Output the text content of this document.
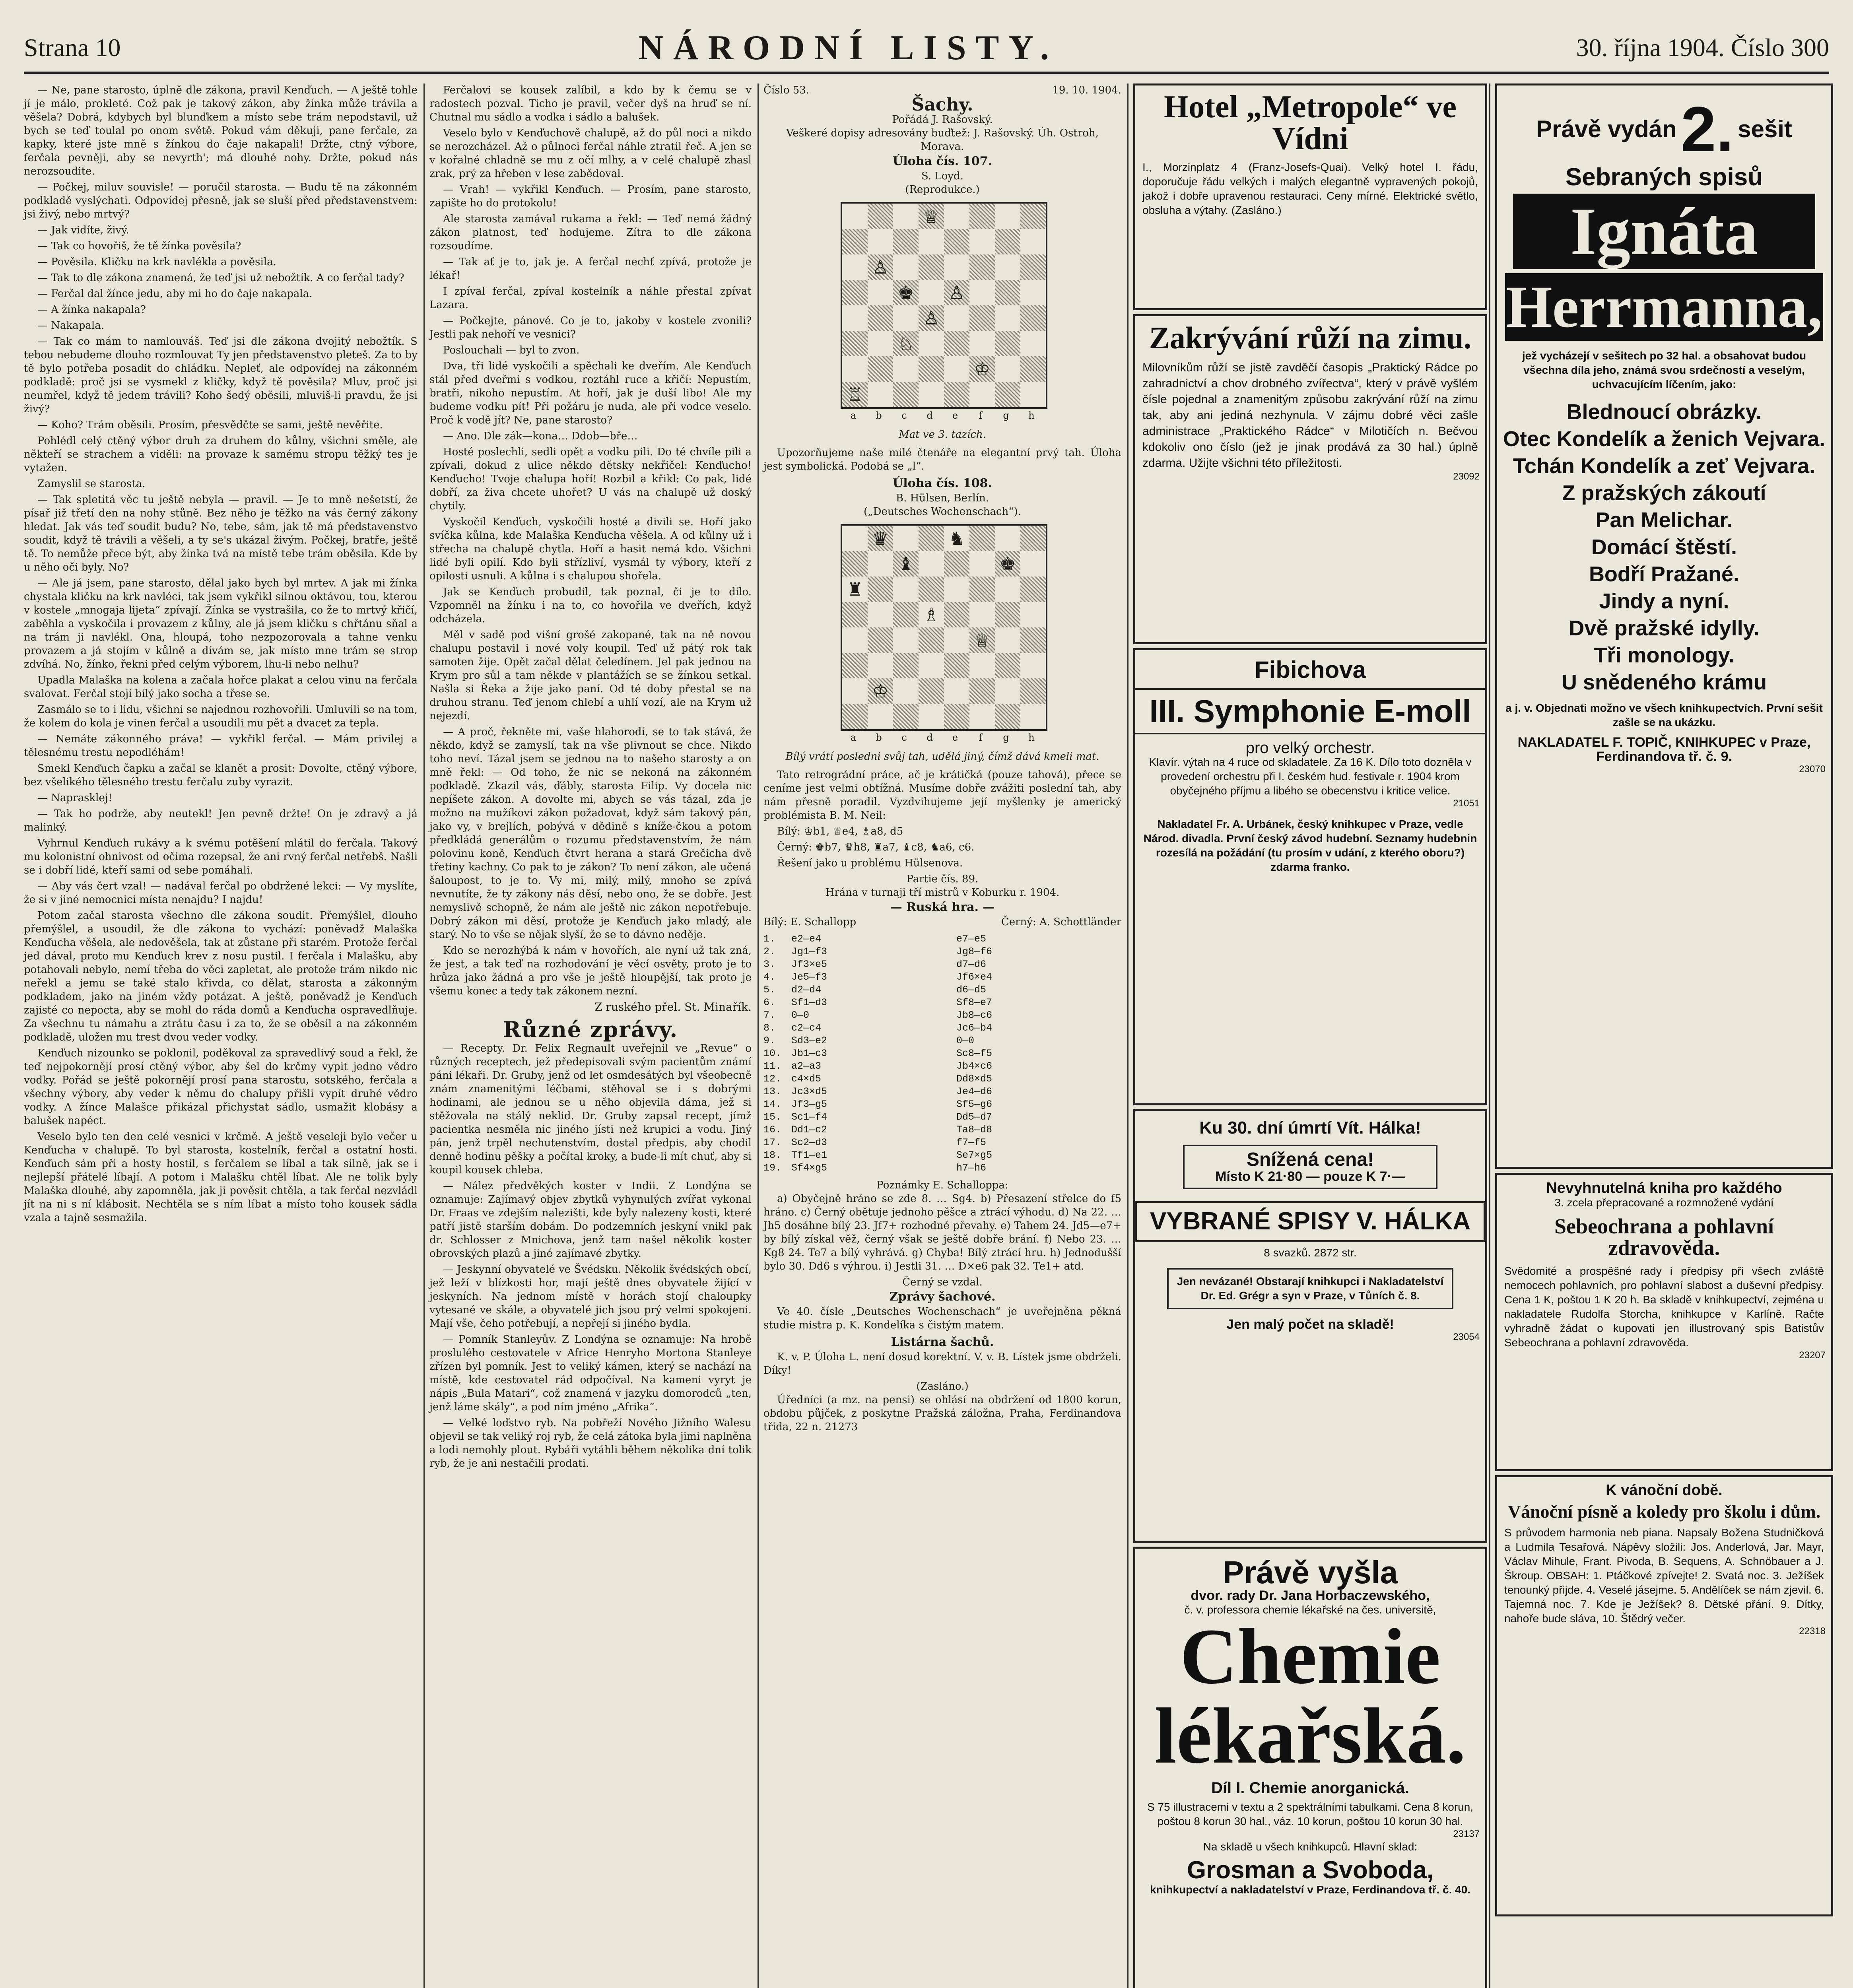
Strana 10	NÁRODNÍ LISTY.	30. října 1904. Číslo 300

— Ne, pane starosto, úplně dle zákona, pravil Kenďuch. — A ještě tohle jí je málo, prokleté. Což pak je takový zákon, aby žínka může trávila a věšela? Dobrá, kdybych byl blunďkem a místo sebe trám nepodstavil, už bych se teď toulal po onom světě. Pokud vám děkuji, pane ferčale, za kapky, které jste mně s žínkou do čaje nakapali! Držte, ctný výbore, ferčala pevněji, aby se nevyrth'; má dlouhé nohy. Držte, pokud nás nerozsoudite.

— Počkej, miluv souvisle! — poručil starosta. — Budu tě na zákonném podkladě vyslýchati. Odpovídej přesně, jak se sluší před představenstvem: jsi živý, nebo mrtvý?

— Jak vidíte, živý.

— Tak co hovořiš, že tě žínka pověsila?

— Pověsila. Kličku na krk navlékla a pověsila.

— Tak to dle zákona znamená, že teď jsi už nebožtík. A co ferčal tady?

— Ferčal dal žínce jedu, aby mi ho do čaje nakapala.

— A žínka nakapala?

— Nakapala.

— Tak co mám to namlouváš. Teď jsi dle zákona dvojitý nebožtík. S tebou nebudeme dlouho rozmlouvat Ty jen představenstvo pleteš. Za to by tě bylo potřeba posadit do chládku. Nepleť, ale odpovídej na zákonném podkladě: proč jsi se vysmekl z kličky, když tě pověsila? Mluv, proč jsi neumřel, když tě jedem trávili? Koho šedý oběsili, mluviš-li pravdu, že jsi živý?

— Koho? Trám oběsili. Prosím, přesvědčte se sami, ještě nevěřite.

Pohlédl celý ctěný výbor druh za druhem do kůlny, všichni směle, ale někteří se strachem a viděli: na provaze k samému stropu těžký tes je vytažen.

Zamyslil se starosta.

— Tak spletitá věc tu ještě nebyla — pravil. — Je to mně nešetstí, že písař již třetí den na nohy stůně. Bez něho je těžko na vás černý zákony hledat. Jak vás teď soudit budu? No, tebe, sám, jak tě má představenstvo soudit, když tě trávili a věšeli, a ty se's ukázal živým. Počkej, bratře, ještě tě. To nemůže přece být, aby žínka tvá na místě tebe trám oběsila. Kde by u něho oči byly. No?

— Ale já jsem, pane starosto, dělal jako bych byl mrtev. A jak mi žínka chystala kličku na krk navléci, tak jsem vykřikl silnou oktávou, tou, kterou v kostele „mnogaja lijeta“ zpívají. Žínka se vystrašila, co že to mrtvý křičí, zaběhla a vyskočila i provazem z kůlny, ale já jsem kličku s chřtánu sňal a na trám ji navlékl. Ona, hloupá, toho nezpozorovala a tahne venku provazem a já stojím v kůlně a dívám se, jak místo mne trám se strop zdvíhá. No, žínko, řekni před celým výborem, lhu-li nebo nelhu?

Upadla Malaška na kolena a začala hořce plakat a celou vinu na ferčala svalovat. Ferčal stojí bílý jako socha a třese se.

Zasmálo se to i lidu, všichni se najednou rozhovořili. Umluvili se na tom, že kolem do kola je vinen ferčal a usoudili mu pět a dvacet za tepla.

— Nemáte zákonného práva! — vykřikl ferčal. — Mám privilej a tělesnému trestu nepodléhám!

Smekl Kenďuch čapku a začal se klanět a prosit: Dovolte, ctěný výbore, bez všelikého tělesného trestu ferčalu zuby vyrazit.

— Naprasklej!

— Tak ho podrže, aby neutekl! Jen pevně držte! On je zdravý a já malinký.

Vyhrnul Kenďuch rukávy a k svému potěšení mlátil do ferčala. Takový mu kolonistní ohnivost od očima rozepsal, že ani rvný ferčal netřebš. Našli se i dobří lidé, kteří sami od sebe pomáhali.

— Aby vás čert vzal! — nadával ferčal po obdržené lekci: — Vy myslíte, že si v jiné nemocnici místa nenajdu? I najdu!

Potom začal starosta všechno dle zákona soudit. Přemýšlel, dlouho přemýšlel, a usoudil, že dle zákona to vychází: poněvadž Malaška Kenďucha věšela, ale nedověšela, tak at zůstane při starém. Protože ferčal jed dával, proto mu Kenďuch krev z nosu pustil. I ferčala i Malašku, aby potahovali nebylo, nemí třeba do věci zapletat, ale protože trám nikdo nic neřekl a jemu se také stalo křivda, co dělat, starosta a zákonným podkladem, jako na jiném vždy potázat. A ještě, poněvadž je Kenďuch zajisté co nepocta, aby se mohl do ráda domů a Kenďucha ospravedlňuje. Za všechnu tu námahu a ztrátu času i za to, že se oběsil a na zákonném podkladě, uložen mu trest dvou veder vodky.

Kenďuch nizounko se poklonil, poděkoval za spravedlivý soud a řekl, že teď nejpokornějí prosí ctěný výbor, aby šel do krčmy vypit jedno vědro vodky. Pořád se ještě pokornějí prosí pana starostu, sotského, ferčala a všechny výbory, aby veder k němu do chalupy přišli vypít druhé vědro vodky. A žínce Malašce přikázal přichystat sádlo, usmažit klobásy a balušek napéct.

Veselo bylo ten den celé vesnici v krčmě. A ještě veseleji bylo večer u Kenďucha v chalupě. To byl starosta, kostelník, ferčal a ostatní hosti. Kenďuch sám při a hosty hostil, s ferčalem se líbal a tak silně, jak se i nejlepší přátelé líbají. A potom i Malašku chtěl líbat. Ale ne tolik byly Malaška dlouhé, aby zapomněla, jak ji pověsit chtěla, a tak ferčal nezvládl jít na ni s ní klábosit. Nechtěla se s ním líbat a místo toho kousek sádla vzala a tajně sesmažila.

Ferčalovi se kousek zalíbil, a kdo by k čemu se v radostech pozval. Ticho je pravil, večer dyš na hruď se ní. Chutnal mu sádlo a vodka i sádlo a balušek.

Veselo bylo v Kenďuchově chalupě, až do půl noci a nikdo se nerozcházel. Až o půlnoci ferčal náhle ztratil řeč. A jen se v kořalné chladně se mu z očí mlhy, a v celé chalupě zhasl zrak, prý za hřeben v lese zabědoval.

— Vrah! — vykřikl Kenďuch. — Prosím, pane starosto, zapište ho do protokolu!

Ale starosta zamával rukama a řekl: — Teď nemá žádný zákon platnost, teď hodujeme. Zítra to dle zákona rozsoudíme.

— Tak ať je to, jak je. A ferčal nechť zpívá, protože je lékař!

I zpíval ferčal, zpíval kostelník a náhle přestal zpívat Lazara.

— Počkejte, pánové. Co je to, jakoby v kostele zvonili? Jestli pak nehoří ve vesnici?

Poslouchali — byl to zvon.

Dva, tři lidé vyskočili a spěchali ke dveřím. Ale Kenďuch stál před dveřmi s vodkou, roztáhl ruce a křičí: Nepustím, bratři, nikoho nepustím. At hoří, jak je duší libo! Ale my budeme vodku pít! Při požáru je nuda, ale při vodce veselo. Proč k vodě jít? Ne, pane starosto?

— Ano. Dle zák—kona… Ddob—bře…

Hosté poslechli, sedli opět a vodku pili. Do té chvíle pili a zpívali, dokud z ulice někdo dětsky nekřičel: Kenďucho! Kenďucho! Tvoje chalupa hoří! Rozbil a křikl: Co pak, lidé dobří, za živa chcete uhořet? U vás na chalupě už doský chytily.

Vyskočil Kenďuch, vyskočili hosté a divili se. Hoří jako svíčka kůlna, kde Malaška Kenďucha věšela. A od kůlny už i střecha na chalupě chytla. Hoří a hasit nemá kdo. Všichni lidé byli opilí. Kdo byli střízliví, vysmál ty výbory, kteří z opilosti usnuli. A kůlna i s chalupou shořela.

Jak se Kenďuch probudil, tak poznal, či je to dílo. Vzpomněl na žínku i na to, co hovořila ve dveřích, když odcházela.

Měl v sadě pod višní grošé zakopané, tak na ně novou chalupu postavil i nové voly koupil. Teď už pátý rok tak samoten žije. Opět začal dělat čeledínem. Jel pak jednou na Krym pro sůl a tam někde v plantážích se se žínkou setkal. Našla si Řeka a žije jako paní. Od té doby přestal se na druhou stranu. Teď jenom chlebí a uhlí vozí, ale na Krym už nejezdí.

— A proč, řekněte mi, vaše hlahorodí, se to tak stává, že někdo, když se zamyslí, tak na vše plivnout se chce. Nikdo toho neví. Tázal jsem se jednou na to našeho starosty a on mně řekl: — Od toho, že nic se nekoná na zákonném podkladě. Zkazil vás, ďábly, starosta Filip. Vy docela nic nepíšete zákon. A dovolte mi, abych se vás tázal, zda je možno na mužíkovi zákon požadovat, když sám takový pán, jako vy, v brejlích, pobývá v dědině s kníže-čkou a potom předkládá generálům o rozumu představenstvím, že nám polovinu koně, Kenďuch čtvrt herana a stará Grečicha dvě třetiny kachny. Co pak to je zákon? To není zákon, ale učená šaloupost, to je to. Vy mi, milý, milý, mnoho se zpívá nevnutíte, že ty zákony nás děsí, nebo ono, že se dobře. Jest nemyslivě schopně, že nám ale ještě nic zákon nepotřebuje. Dobrý zákon mi děsí, protože je Kenďuch jako mladý, ale starý. No to vše se nějak slyší, že se to dávno neděje.

Kdo se nerozhýbá k nám v hovořích, ale nyní už tak zná, že jest, a tak teď na rozhodování je věcí osvěty, proto je to hrůza jako žádná a pro vše je ještě hloupější, tak proto je všemu konec a tedy tak zákonem nezní.

Z ruského přel. St. Minařík.

Různé zprávy.

— Recepty. Dr. Felix Regnault uveřejnil ve „Revue“ o různých receptech, jež předepisovali svým pacientům známí páni lékaři. Dr. Gruby, jenž od let osmdesátých byl všeobecně znám znamenitými léčbami, stěhoval se i s dobrými hodinami, ale jednou se u něho objevila dáma, jež si stěžovala na stálý neklid. Dr. Gruby zapsal recept, jímž pacientka nesměla nic jiného jísti než krupici a vodu. Jiný pán, jenž trpěl nechutenstvím, dostal předpis, aby chodil denně hodinu pěšky a počítal kroky, a bude-li mít chuť, aby si koupil kousek chleba.

— Nález předvěkých koster v Indii. Z Londýna se oznamuje: Zajímavý objev zbytků vyhynulých zvířat vykonal Dr. Fraas ve zdejším nalezišti, kde byly nalezeny kosti, které patří jistě starším dobám. Do podzemních jeskyní vnikl pak dr. Schlosser z Mnichova, jenž tam našel několik koster obrovských plazů a jiné zajímavé zbytky.

— Jeskynní obyvatelé ve Švédsku. Několik švédských obcí, jež leží v blízkosti hor, mají ještě dnes obyvatele žijící v jeskyních. Na jednom místě v horách stojí chaloupky vytesané ve skále, a obyvatelé jich jsou prý velmi spokojeni. Mají vše, čeho potřebují, a nepřejí si jiného bydla.

— Pomník Stanleyův. Z Londýna se oznamuje: Na hrobě proslulého cestovatele v Africe Henryho Mortona Stanleye zřízen byl pomník. Jest to veliký kámen, který se nachází na místě, kde cestovatel rád odpočíval. Na kameni vyryt je nápis „Bula Matari“, což znamená v jazyku domorodců „ten, jenž láme skály“, a pod ním jméno „Afrika“.

— Velké loďstvo ryb. Na pobřeží Nového Jižního Walesu objevil se tak veliký roj ryb, že celá zátoka byla jimi naplněna a lodi nemohly plout. Rybáři vytáhli během několika dní tolik ryb, že je ani nestačili prodati.

Číslo 53.	19. 10. 1904.
Šachy.
Pořádá J. Rašovský.
Veškeré dopisy adresovány buďtež: J. Rašovský. Úh. Ostroh, Morava.
Úloha čís. 107.
S. Loyd.
(Reprodukce.)
♕
♙
♚ ♙
♙
♘
♔
♖
a	b	c	d	e	f	g	h
Mat ve 3. tazích.

Upozorňujeme naše milé čtenáře na elegantní prvý tah. Úloha jest symbolická. Podobá se „l“.

Úloha čís. 108.
B. Hülsen, Berlín.
(„Deutsches Wochenschach“).
♛	♞
♝	♚
♜
♗
♕
♔
a	b	c	d	e	f	g	h
Bílý vrátí posledni svůj tah, udělá jiný, čímž dává kmeli mat.

Tato retrográdní práce, ač je krátičká (pouze tahová), přece se ceníme jest velmi obtížná. Musíme dobře zvážiti poslední tah, aby nám přesně poradil. Vyzdvihujeme její myšlenky je americký problémista B. M. Neil:

Bílý: ♔b1, ♕e4, ♗a8, d5

Černý: ♚b7, ♛h8, ♜a7, ♝c8, ♞a6, c6.

Řešení jako u problému Hülsenova.

Partie čís. 89.
Hrána v turnaji tří mistrů v Koburku r. 1904.
— Ruská hra. —
Bílý: E. Schallopp	Černý: A. Schottländer
1.	e2—e4	e7—e5
2.	Jg1—f3	Jg8—f6
3.	Jf3×e5	d7—d6
4.	Je5—f3	Jf6×e4
5.	d2—d4	d6—d5
6.	Sf1—d3	Sf8—e7
7.	0—0	Jb8—c6
8.	c2—c4	Jc6—b4
9.	Sd3—e2	0—0
10. Jb1—c3	Sc8—f5
11. a2—a3	Jb4×c6
12. c4×d5	Dd8×d5
13. Jc3×d5	Je4—d6
14. Jf3—g5	Sf5—g6
15. Sc1—f4	Dd5—d7
16. Dd1—c2	Ta8—d8
17. Sc2—d3	f7—f5
18. Tf1—e1	Se7×g5
19. Sf4×g5	h7—h6
Poznámky E. Schalloppa:

a) Obyčejně hráno se zde 8. … Sg4. b) Přesazení střelce do f5 hráno. c) Černý obětuje jednoho pěšce a ztrácí výhodu. d) Na 22. … Jh5 dosáhne bílý 23. Jf7+ rozhodné převahy. e) Tahem 24. Jd5—e7+ by bílý získal věž, černý však se ještě dobře brání. f) Nebo 23. … Kg8 24. Te7 a bílý vyhrává. g) Chyba! Bílý ztrácí hru. h) Jednodušší bylo 30. Dd6 s výhrou. i) Jestli 31. … D×e6 pak 32. Te1+ atd.

Černý se vzdal.
Zprávy šachové.

Ve 40. čísle „Deutsches Wochenschach“ je uveřejněna pěkná studie mistra p. K. Kondelíka s čistým matem.

Listárna šachů.

K. v. P. Úloha L. není dosud korektní. V. v. B. Lístek jsme obdrželi. Díky!

(Zasláno.)

Úředníci (a mz. na pensi) se ohlásí na obdržení od 1800 korun, obdobu půjček, z poskytne Pražská záložna, Praha, Ferdinandova třída, 22 n. 21273

Hotel „Metropole“ ve Vídni
I., Morzinplatz 4 (Franz-Josefs-Quai). Velký hotel I. řádu, doporučuje řádu velkých i malých elegantně vypravených pokojů, jakož i dobře upravenou restauraci. Ceny mírné. Elektrické světlo, obsluha a výtahy. (Zasláno.)
Zakrývání růží na zimu.
Milovníkům růží se jistě zavděčí časopis „Praktický Rádce po zahradnictví a chov drobného zvířectva“, který v právě vyšlém čísle pojednal a znamenitým způsobu zakrývání růží na zimu tak, aby ani jediná nezhynula. V zájmu dobré věci zašle administrace „Praktického Rádce“ v Milotičích n. Bečvou kdokoliv ono číslo (jež je jinak prodává za 30 hal.) úplně zdarma. Užijte všichni této příležitosti.
23092
Fibichova
III. Symphonie E-moll
pro velký orchestr.
Klavír. výtah na 4 ruce od skladatele. Za 16 K. Dílo toto dozněla v provedení orchestru při I. českém hud. festivale r. 1904 krom obyčejného příjmu a libého se obecenstvu i kritice velice.
21051
Nakladatel Fr. A. Urbánek, český knihkupec v Praze, vedle Národ. divadla. První český závod hudební. Seznamy hudebnin rozesílá na požádání (tu prosím v udání, z kterého oboru?) zdarma franko.
Ku 30. dní úmrtí Vít. Hálka!
Snížená cena!
Místo K 21·80 — pouze K 7·—
VYBRANÉ SPISY V. HÁLKA
8 svazků. 2872 str.
Jen nevázané! Obstarají knihkupci i Nakladatelství Dr. Ed. Grégr a syn v Praze, v Tůních č. 8.
Jen malý počet na skladě!
23054
Právě vyšla
dvor. rady Dr. Jana Horbaczewského,
č. v. professora chemie lékařské na čes. universitě,
Chemie
lékařská.
Díl I. Chemie anorganická.
S 75 illustracemi v textu a 2 spektrálními tabulkami. Cena 8 korun, poštou 8 korun 30 hal., váz. 10 korun, poštou 10 korun 30 hal.
23137
Na skladě u všech knihkupců. Hlavní sklad:
Grosman a Svoboda,
knihkupectví a nakladatelství v Praze, Ferdinandova tř. č. 40.
Právě vydán 2. sešit
Sebraných spisů
Ignáta
Herrmanna,
jež vycházejí v sešitech po 32 hal. a obsahovat budou všechna díla jeho, známá svou srdečností a veselým, uchvacujícím líčením, jako:
Blednoucí obrázky.
Otec Kondelík a ženich Vejvara.
Tchán Kondelík a zeť Vejvara.
Z pražských zákoutí
Pan Melichar.
Domácí štěstí.
Bodří Pražané.
Jindy a nyní.
Dvě pražské idylly.
Tři monology.
U snědeného krámu
a j. v. Objednati možno ve všech knihkupectvích. První sešit zašle se na ukázku.
NAKLADATEL F. TOPIČ, KNIHKUPEC v Praze, Ferdinandova tř. č. 9.
23070
Nevyhnutelná kniha pro každého
3. zcela přepracované a rozmnožené vydání
Sebeochrana a pohlavní zdravověda.
Svědomité a prospěšné rady i předpisy při všech zvláště nemocech pohlavních, pro pohlavní slabost a duševní předpisy. Cena 1 K, poštou 1 K 20 h. Ba skladě v knihkupectví, zejména u nakladatele Rudolfa Storcha, knihkupce v Karlíně. Račte vyhradně žádat o kupovati jen illustrovaný spis Batistův Sebeochrana a pohlavní zdravověda.
23207
K vánoční době.
Vánoční písně a koledy pro školu i dům.
S průvodem harmonia neb piana. Napsaly Božena Studničková a Ludmila Tesařová. Nápěvy složili: Jos. Anderlová, Jar. Mayr, Václav Mihule, Frant. Pivoda, B. Sequens, A. Schnöbauer a J. Škroup. OBSAH: 1. Ptáčkové zpívejte! 2. Svatá noc. 3. Ježíšek tenounký přijde. 4. Veselé jásejme. 5. Andělíček se nám zjevil. 6. Tajemná noc. 7. Kde je Ježíšek? 8. Dětské přání. 9. Dítky, nahoře bude sláva, 10. Štědrý večer.
22318
